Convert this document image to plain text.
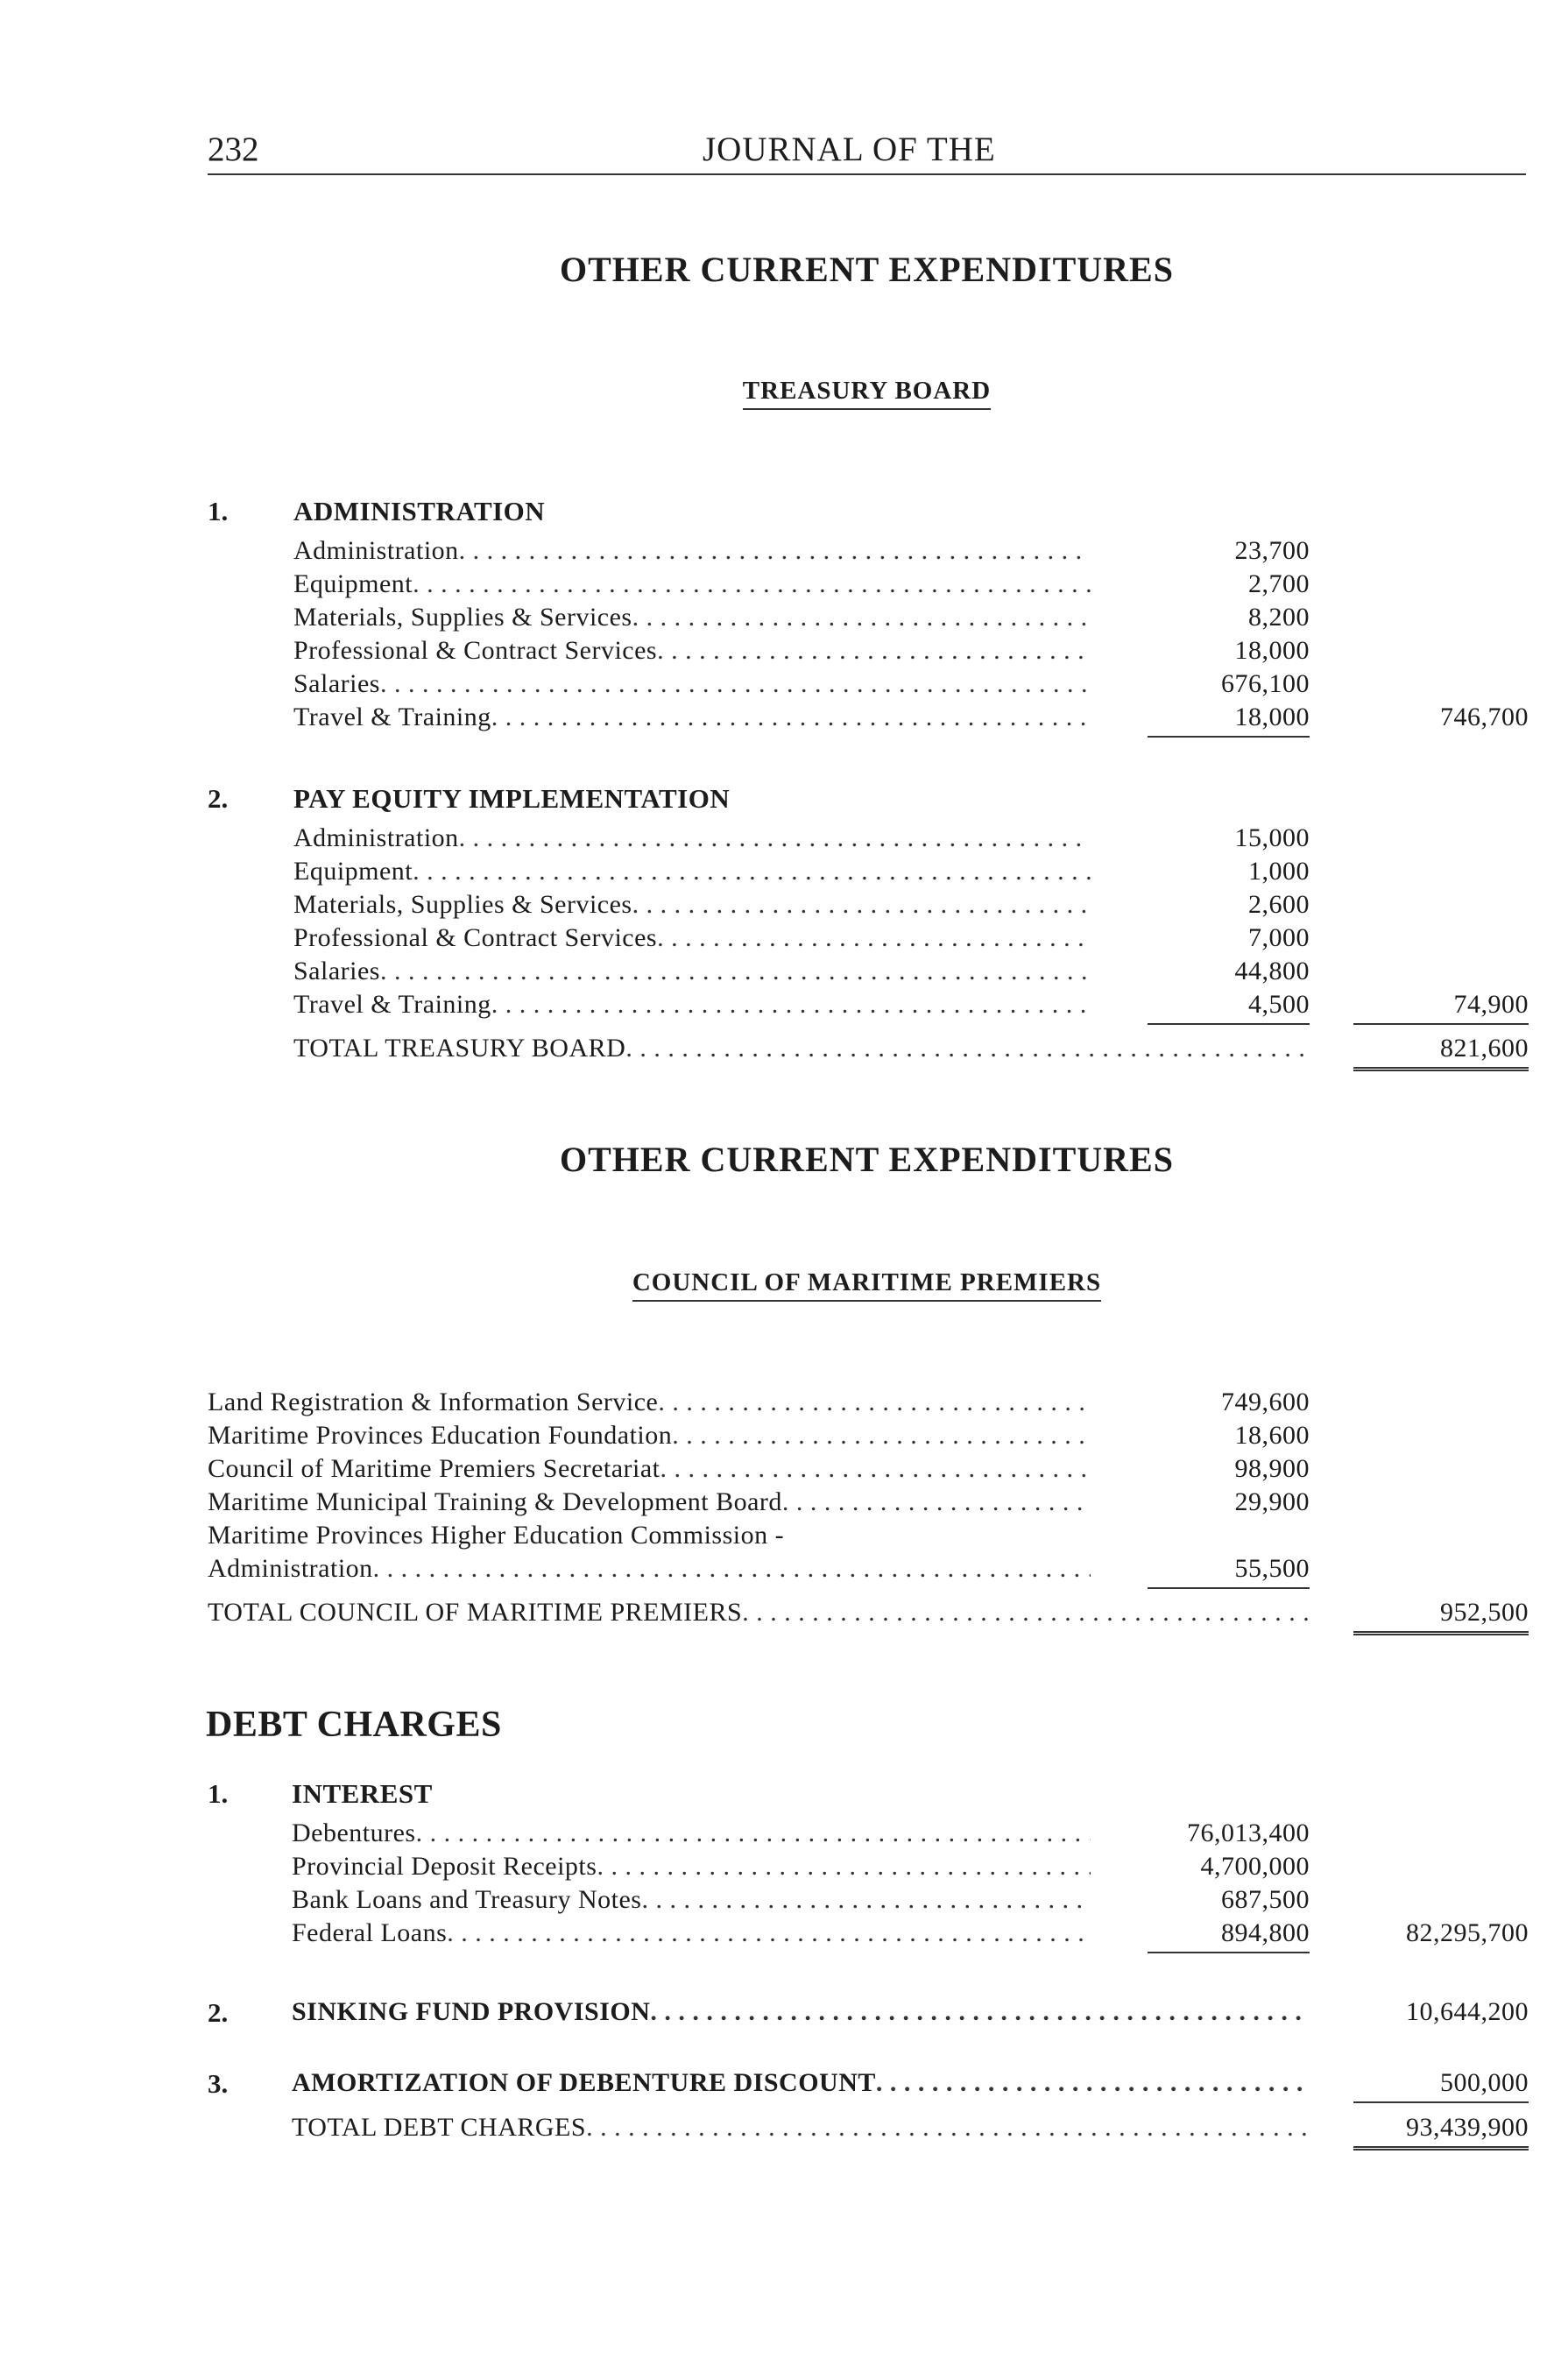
232	JOURNAL OF THE
OTHER CURRENT EXPENDITURES
TREASURY BOARD
1. ADMINISTRATION
Administration . . .	23,700
Equipment . . .	2,700
Materials, Supplies & Services . . .	8,200
Professional & Contract Services . . .	18,000
Salaries . . .	676,100
Travel & Training . . .	18,000	746,700
2. PAY EQUITY IMPLEMENTATION
Administration . . .	15,000
Equipment . . .	1,000
Materials, Supplies & Services . . .	2,600
Professional & Contract Services . . .	7,000
Salaries . . .	44,800
Travel & Training . . .	4,500	74,900
TOTAL TREASURY BOARD . . .	821,600
OTHER CURRENT EXPENDITURES
COUNCIL OF MARITIME PREMIERS
Land Registration & Information Service . . .	749,600
Maritime Provinces Education Foundation . . .	18,600
Council of Maritime Premiers Secretariat . . .	98,900
Maritime Municipal Training & Development Board . . .	29,900
Maritime Provinces Higher Education Commission -
Administration . . .	55,500
TOTAL COUNCIL OF MARITIME PREMIERS . . .	952,500
DEBT CHARGES
1. INTEREST
Debentures . . .	76,013,400
Provincial Deposit Receipts . . .	4,700,000
Bank Loans and Treasury Notes . . .	687,500
Federal Loans . . .	894,800	82,295,700
2. SINKING FUND PROVISION . . .	10,644,200
3. AMORTIZATION OF DEBENTURE DISCOUNT . . .	500,000
TOTAL DEBT CHARGES . . .	93,439,900
